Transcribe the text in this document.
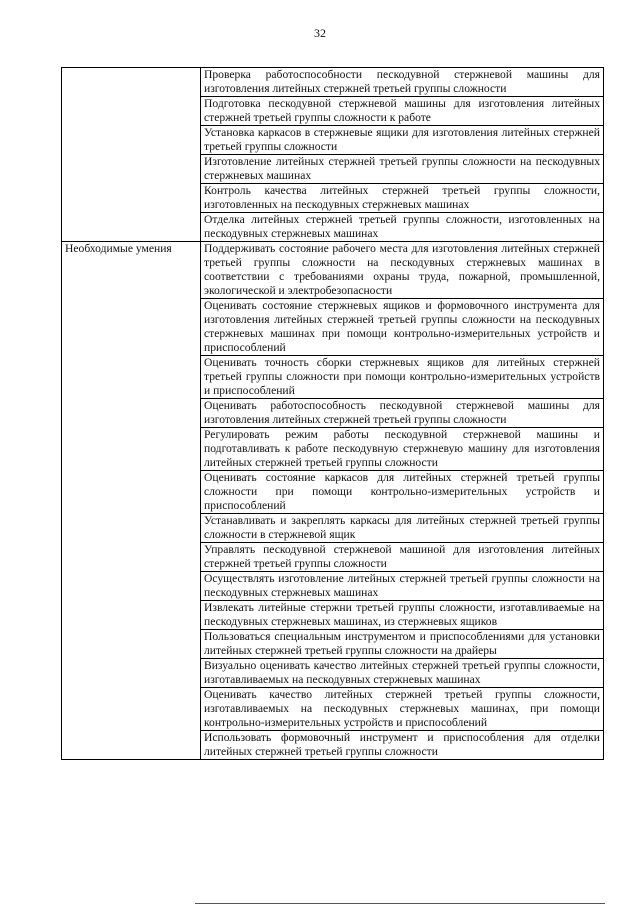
32
	Проверка работоспособности пескодувной стержневой машины для изготовления литейных стержней третьей группы сложности
	Подготовка пескодувной стержневой машины для изготовления литейных стержней третьей группы сложности к работе
	Установка каркасов в стержневые ящики для изготовления литейных стержней третьей группы сложности
	Изготовление литейных стержней третьей группы сложности на пескодувных стержневых машинах
	Контроль качества литейных стержней третьей группы сложности, изготовленных на пескодувных стержневых машинах
	Отделка литейных стержней третьей группы сложности, изготовленных на пескодувных стержневых машинах
Необходимые умения	Поддерживать состояние рабочего места для изготовления литейных стержней третьей группы сложности на пескодувных стержневых машинах в соответствии с требованиями охраны труда, пожарной, промышленной, экологической и электробезопасности
	Оценивать состояние стержневых ящиков и формовочного инструмента для изготовления литейных стержней третьей группы сложности на пескодувных стержневых машинах при помощи контрольно-измерительных устройств и приспособлений
	Оценивать точность сборки стержневых ящиков для литейных стержней третьей группы сложности при помощи контрольно-измерительных устройств и приспособлений
	Оценивать работоспособность пескодувной стержневой машины для изготовления литейных стержней третьей группы сложности
	Регулировать режим работы пескодувной стержневой машины и подготавливать к работе пескодувную стержневую машину для изготовления литейных стержней третьей группы сложности
	Оценивать состояние каркасов для литейных стержней третьей группы сложности при помощи контрольно-измерительных устройств и приспособлений
	Устанавливать и закреплять каркасы для литейных стержней третьей группы сложности в стержневой ящик
	Управлять пескодувной стержневой машиной для изготовления литейных стержней третьей группы сложности
	Осуществлять изготовление литейных стержней третьей группы сложности на пескодувных стержневых машинах
	Извлекать литейные стержни третьей группы сложности, изготавливаемые на пескодувных стержневых машинах, из стержневых ящиков
	Пользоваться специальным инструментом и приспособлениями для установки литейных стержней третьей группы сложности на драйеры
	Визуально оценивать качество литейных стержней третьей группы сложности, изготавливаемых на пескодувных стержневых машинах
	Оценивать качество литейных стержней третьей группы сложности, изготавливаемых на пескодувных стержневых машинах, при помощи контрольно-измерительных устройств и приспособлений
	Использовать формовочный инструмент и приспособления для отделки литейных стержней третьей группы сложности
